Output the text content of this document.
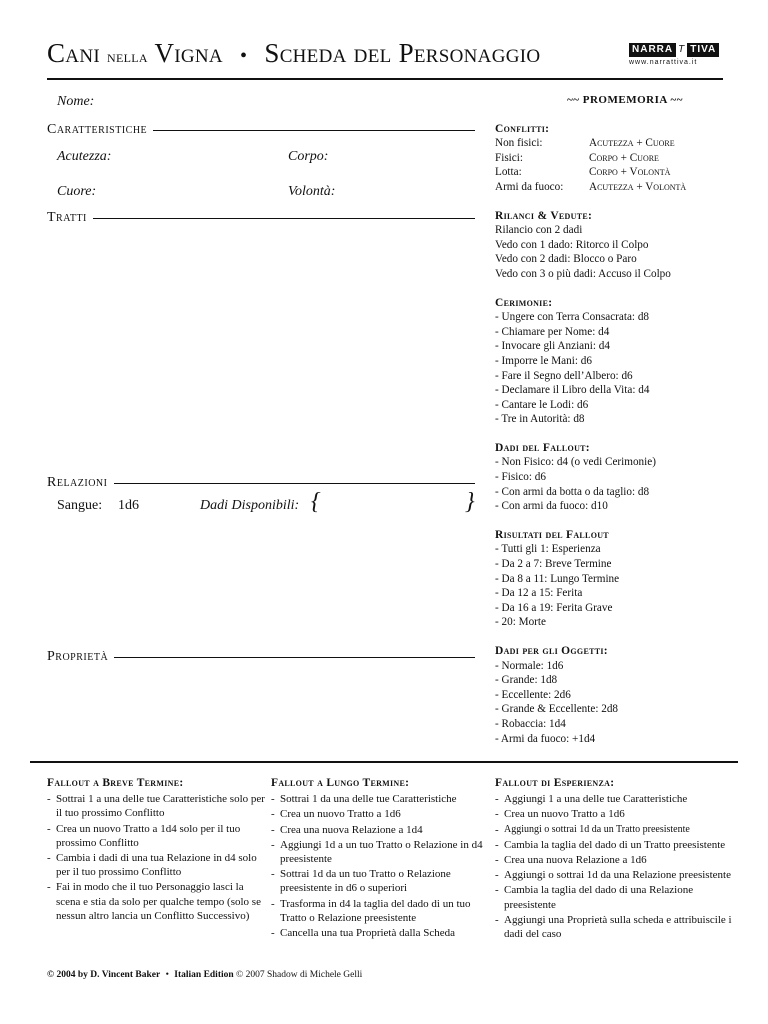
Cani nella Vigna • Scheda del Personaggio	NARRA T TIVA
www.narrattiva.it
Nome:
Caratteristiche
Acutezza:	Corpo:
Cuore:	Volontà:
Tratti
Relazioni
Sangue: 1d6	Dadi Disponibili: {	}
Proprietà
~~ PROMEMORIA ~~
Conflitti:
Non fisici:	Acutezza + Cuore
Fisici:	Corpo + Cuore
Lotta:	Corpo + Volontà
Armi da fuoco:	Acutezza + Volontà
Rilanci & Vedute:
Rilancio con 2 dadi
Vedo con 1 dado: Ritorco il Colpo
Vedo con 2 dadi: Blocco o Paro
Vedo con 3 o più dadi: Accuso il Colpo
Cerimonie:
- Ungere con Terra Consacrata: d8
- Chiamare per Nome: d4
- Invocare gli Anziani: d4
- Imporre le Mani: d6
- Fare il Segno dell’Albero: d6
- Declamare il Libro della Vita: d4
- Cantare le Lodi: d6
- Tre in Autorità: d8
Dadi del Fallout:
- Non Fisico: d4 (o vedi Cerimonie)
- Fisico: d6
- Con armi da botta o da taglio: d8
- Con armi da fuoco: d10
Risultati del Fallout
- Tutti gli 1: Esperienza
- Da 2 a 7: Breve Termine
- Da 8 a 11: Lungo Termine
- Da 12 a 15: Ferita
- Da 16 a 19: Ferita Grave
- 20: Morte
Dadi per gli Oggetti:
- Normale: 1d6
- Grande: 1d8
- Eccellente: 2d6
- Grande & Eccellente: 2d8
- Robaccia: 1d4
- Armi da fuoco: +1d4
Fallout a Breve Termine:
- Sottrai 1 a una delle tue Caratteristiche solo per il tuo prossimo Conflitto
- Crea un nuovo Tratto a 1d4 solo per il tuo prossimo Conflitto
- Cambia i dadi di una tua Relazione in d4 solo per il tuo prossimo Conflitto
- Fai in modo che il tuo Personaggio lasci la scena e stia da solo per qualche tempo (solo se nessun altro lancia un Conflitto Successivo)
Fallout a Lungo Termine:
- Sottrai 1 da una delle tue Caratteristiche
- Crea un nuovo Tratto a 1d6
- Crea una nuova Relazione a 1d4
- Aggiungi 1d a un tuo Tratto o Relazione in d4 preesistente
- Sottrai 1d da un tuo Tratto o Relazione preesistente in d6 o superiori
- Trasforma in d4 la taglia del dado di un tuo Tratto o Relazione preesistente
- Cancella una tua Proprietà dalla Scheda
Fallout di Esperienza:
- Aggiungi 1 a una delle tue Caratteristiche
- Crea un nuovo Tratto a 1d6
- Aggiungi o sottrai 1d da un Tratto preesistente
- Cambia la taglia del dado di un Tratto preesistente
- Crea una nuova Relazione a 1d6
- Aggiungi o sottrai 1d da una Relazione preesistente
- Cambia la taglia del dado di una Relazione preesistente
- Aggiungi una Proprietà sulla scheda e attribuiscile i dadi del caso
© 2004 by D. Vincent Baker • Italian Edition © 2007 Shadow di Michele Gelli
